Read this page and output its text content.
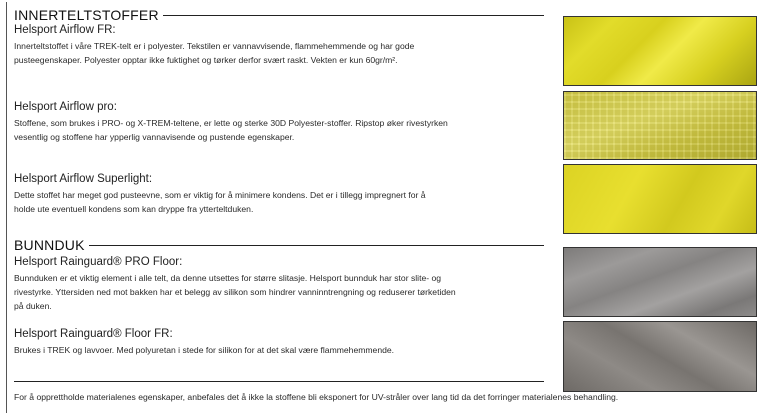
INNERTELTSTOFFER

Helsport Airflow FR:

Innerteltstoffet i våre TREK-telt er i polyester. Tekstilen er vannavvisende, flammehemmende og har gode
pusteegenskaper. Polyester opptar ikke fuktighet og tørker derfor svært raskt. Vekten er kun 60gr/m².

Helsport Airflow pro:

Stoffene, som brukes i PRO- og X-TREM-teltene, er lette og sterke 30D Polyester-stoffer. Ripstop øker rivestyrken
vesentlig og stoffene har ypperlig vannavisende og pustende egenskaper.

Helsport Airflow Superlight:

Dette stoffet har meget god pusteevne, som er viktig for å minimere kondens. Det er i tillegg impregnert for å
holde ute eventuell kondens som kan dryppe fra ytterteltduken.

BUNNDUK

Helsport Rainguard® PRO Floor:

Bunnduken er et viktig element i alle telt, da denne utsettes for større slitasje. Helsport bunnduk har stor slite- og
rivestyrke. Yttersiden ned mot bakken har et belegg av silikon som hindrer vanninntrengning og reduserer tørketiden
på duken.

Helsport Rainguard® Floor FR:

Brukes i TREK og lavvoer. Med polyuretan i stede for silikon for at det skal være flammehemmende.

For å opprettholde materialenes egenskaper, anbefales det å ikke la stoffene bli eksponert for UV-stråler over lang tid da det forringer materialenes behandling.
